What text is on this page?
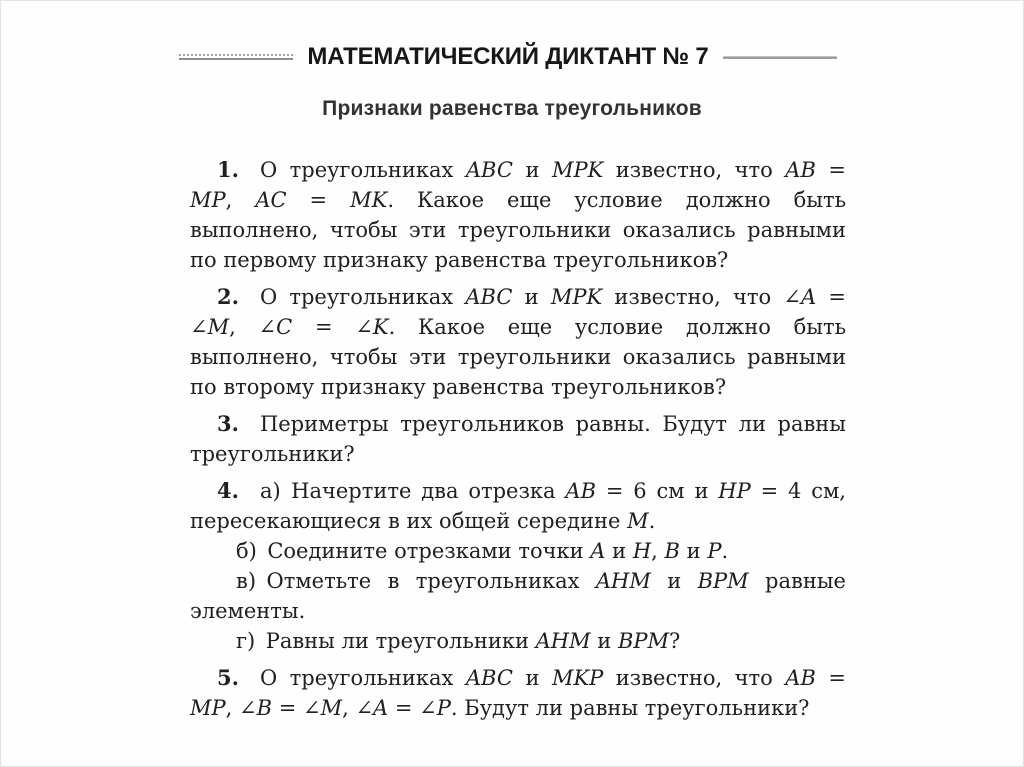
МАТЕМАТИЧЕСКИЙ ДИКТАНТ № 7
Признаки равенства треугольников

1.  О треугольниках ABC и MPK известно, что AB = MP, AC = MK. Какое еще условие должно быть выполнено, чтобы эти треугольники оказались равными по первому признаку равенства треугольников?

2.  О треугольниках ABC и MPK известно, что ∠A = ∠M, ∠C = ∠K. Какое еще условие должно быть выполнено, чтобы эти треугольники оказались равными по второму признаку равенства треугольников?

3.  Периметры треугольников равны. Будут ли равны треугольники?

4.  а) Начертите два отрезка AB = 6 см и HP = 4 см, пересекающиеся в их общей середине M.

б) Соедините отрезками точки A и H, B и P.

в) Отметьте в треугольниках AHM и BPM равные элементы.

г) Равны ли треугольники AHM и BPM?

5.  О треугольниках ABC и MKP известно, что AB = MP, ∠B = ∠M, ∠A = ∠P. Будут ли равны треугольники?
